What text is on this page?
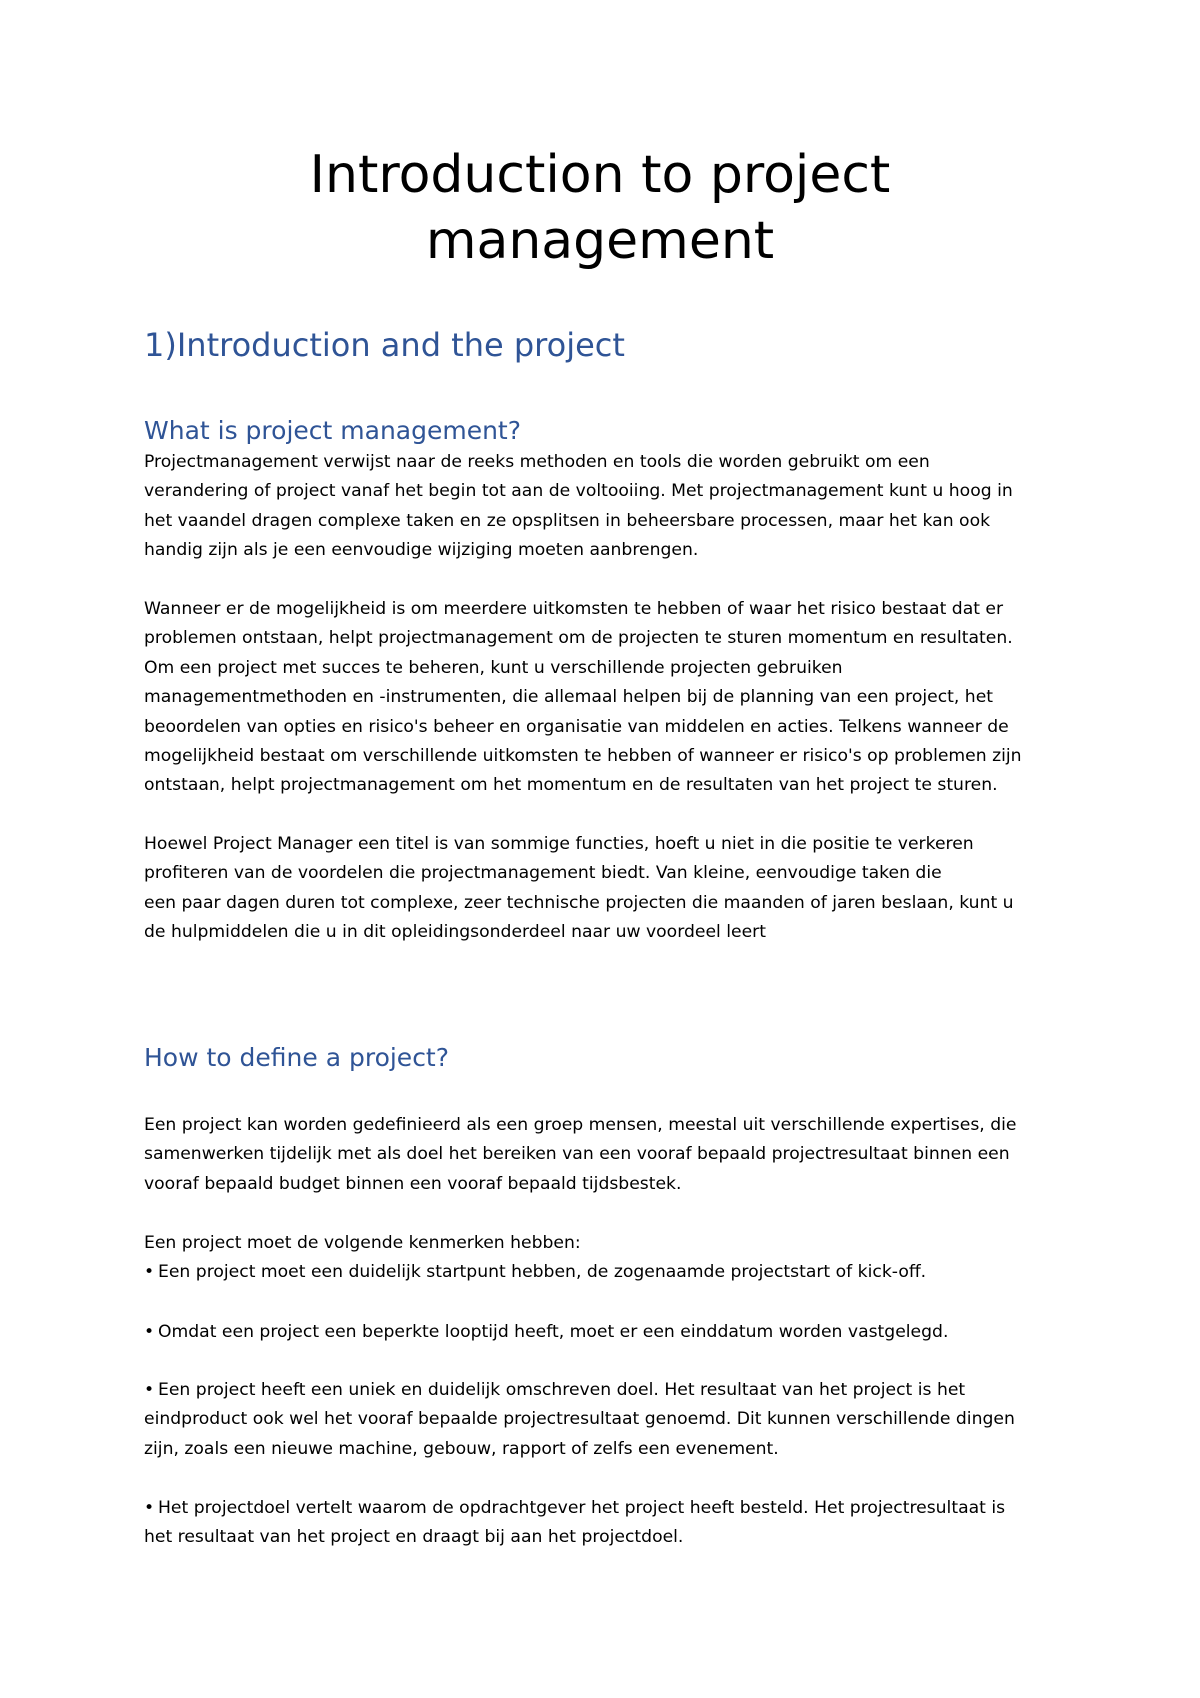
Introduction to project
management
1)Introduction and the project
What is project management?

Projectmanagement verwijst naar de reeks methoden en tools die worden gebruikt om een
verandering of project vanaf het begin tot aan de voltooiing. Met projectmanagement kunt u hoog in
het vaandel dragen complexe taken en ze opsplitsen in beheersbare processen, maar het kan ook
handig zijn als je een eenvoudige wijziging moeten aanbrengen.

Wanneer er de mogelijkheid is om meerdere uitkomsten te hebben of waar het risico bestaat dat er
problemen ontstaan, helpt projectmanagement om de projecten te sturen momentum en resultaten.
Om een project met succes te beheren, kunt u verschillende projecten gebruiken
managementmethoden en -instrumenten, die allemaal helpen bij de planning van een project, het
beoordelen van opties en risico's beheer en organisatie van middelen en acties. Telkens wanneer de
mogelijkheid bestaat om verschillende uitkomsten te hebben of wanneer er risico's op problemen zijn
ontstaan, helpt projectmanagement om het momentum en de resultaten van het project te sturen.

Hoewel Project Manager een titel is van sommige functies, hoeft u niet in die positie te verkeren
profiteren van de voordelen die projectmanagement biedt. Van kleine, eenvoudige taken die
een paar dagen duren tot complexe, zeer technische projecten die maanden of jaren beslaan, kunt u
de hulpmiddelen die u in dit opleidingsonderdeel naar uw voordeel leert

How to define a project?

Een project kan worden gedefinieerd als een groep mensen, meestal uit verschillende expertises, die
samenwerken tijdelijk met als doel het bereiken van een vooraf bepaald projectresultaat binnen een
vooraf bepaald budget binnen een vooraf bepaald tijdsbestek.

Een project moet de volgende kenmerken hebben:
• Een project moet een duidelijk startpunt hebben, de zogenaamde projectstart of kick-off.

• Omdat een project een beperkte looptijd heeft, moet er een einddatum worden vastgelegd.

• Een project heeft een uniek en duidelijk omschreven doel. Het resultaat van het project is het
eindproduct ook wel het vooraf bepaalde projectresultaat genoemd. Dit kunnen verschillende dingen
zijn, zoals een nieuwe machine, gebouw, rapport of zelfs een evenement.

• Het projectdoel vertelt waarom de opdrachtgever het project heeft besteld. Het projectresultaat is
het resultaat van het project en draagt bij aan het projectdoel.
